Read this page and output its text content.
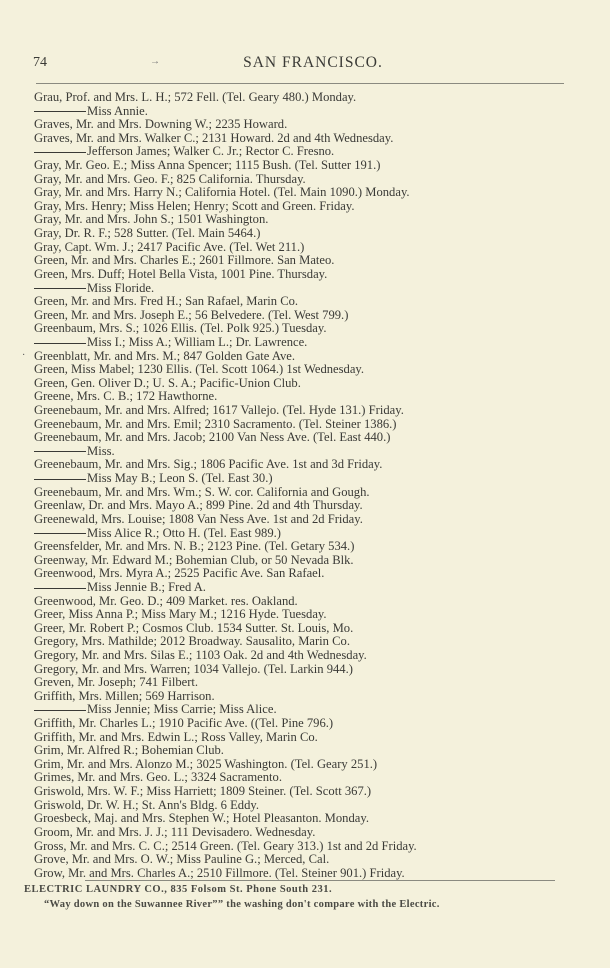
74	→	SAN FRANCISCO.
·
Grau, Prof. and Mrs. L. H.; 572 Fell. (Tel. Geary 480.) Monday.
Miss Annie.
Graves, Mr. and Mrs. Downing W.; 2235 Howard.
Graves, Mr. and Mrs. Walker C.; 2131 Howard. 2d and 4th Wednesday.
Jefferson James; Walker C. Jr.; Rector C. Fresno.
Gray, Mr. Geo. E.; Miss Anna Spencer; 1115 Bush. (Tel. Sutter 191.)
Gray, Mr. and Mrs. Geo. F.; 825 California. Thursday.
Gray, Mr. and Mrs. Harry N.; California Hotel. (Tel. Main 1090.) Monday.
Gray, Mrs. Henry; Miss Helen; Henry; Scott and Green. Friday.
Gray, Mr. and Mrs. John S.; 1501 Washington.
Gray, Dr. R. F.; 528 Sutter. (Tel. Main 5464.)
Gray, Capt. Wm. J.; 2417 Pacific Ave. (Tel. Wet 211.)
Green, Mr. and Mrs. Charles E.; 2601 Fillmore. San Mateo.
Green, Mrs. Duff; Hotel Bella Vista, 1001 Pine. Thursday.
Miss Floride.
Green, Mr. and Mrs. Fred H.; San Rafael, Marin Co.
Green, Mr. and Mrs. Joseph E.; 56 Belvedere. (Tel. West 799.)
Greenbaum, Mrs. S.; 1026 Ellis. (Tel. Polk 925.) Tuesday.
Miss I.; Miss A.; William L.; Dr. Lawrence.
Greenblatt, Mr. and Mrs. M.; 847 Golden Gate Ave.
Green, Miss Mabel; 1230 Ellis. (Tel. Scott 1064.) 1st Wednesday.
Green, Gen. Oliver D.; U. S. A.; Pacific-Union Club.
Greene, Mrs. C. B.; 172 Hawthorne.
Greenebaum, Mr. and Mrs. Alfred; 1617 Vallejo. (Tel. Hyde 131.) Friday.
Greenebaum, Mr. and Mrs. Emil; 2310 Sacramento. (Tel. Steiner 1386.)
Greenebaum, Mr. and Mrs. Jacob; 2100 Van Ness Ave. (Tel. East 440.)
Miss.
Greenebaum, Mr. and Mrs. Sig.; 1806 Pacific Ave. 1st and 3d Friday.
Miss May B.; Leon S. (Tel. East 30.)
Greenebaum, Mr. and Mrs. Wm.; S. W. cor. California and Gough.
Greenlaw, Dr. and Mrs. Mayo A.; 899 Pine. 2d and 4th Thursday.
Greenewald, Mrs. Louise; 1808 Van Ness Ave. 1st and 2d Friday.
Miss Alice R.; Otto H. (Tel. East 989.)
Greensfelder, Mr. and Mrs. N. B.; 2123 Pine. (Tel. Getary 534.)
Greenway, Mr. Edward M.; Bohemian Club, or 50 Nevada Blk.
Greenwood, Mrs. Myra A.; 2525 Pacific Ave. San Rafael.
Miss Jennie B.; Fred A.
Greenwood, Mr. Geo. D.; 409 Market. res. Oakland.
Greer, Miss Anna P.; Miss Mary M.; 1216 Hyde. Tuesday.
Greer, Mr. Robert P.; Cosmos Club. 1534 Sutter. St. Louis, Mo.
Gregory, Mrs. Mathilde; 2012 Broadway. Sausalito, Marin Co.
Gregory, Mr. and Mrs. Silas E.; 1103 Oak. 2d and 4th Wednesday.
Gregory, Mr. and Mrs. Warren; 1034 Vallejo. (Tel. Larkin 944.)
Greven, Mr. Joseph; 741 Filbert.
Griffith, Mrs. Millen; 569 Harrison.
Miss Jennie; Miss Carrie; Miss Alice.
Griffith, Mr. Charles L.; 1910 Pacific Ave. ((Tel. Pine 796.)
Griffith, Mr. and Mrs. Edwin L.; Ross Valley, Marin Co.
Grim, Mr. Alfred R.; Bohemian Club.
Grim, Mr. and Mrs. Alonzo M.; 3025 Washington. (Tel. Geary 251.)
Grimes, Mr. and Mrs. Geo. L.; 3324 Sacramento.
Griswold, Mrs. W. F.; Miss Harriett; 1809 Steiner. (Tel. Scott 367.)
Griswold, Dr. W. H.; St. Ann's Bldg. 6 Eddy.
Groesbeck, Maj. and Mrs. Stephen W.; Hotel Pleasanton. Monday.
Groom, Mr. and Mrs. J. J.; 111 Devisadero. Wednesday.
Gross, Mr. and Mrs. C. C.; 2514 Green. (Tel. Geary 313.) 1st and 2d Friday.
Grove, Mr. and Mrs. O. W.; Miss Pauline G.; Merced, Cal.
Grow, Mr. and Mrs. Charles A.; 2510 Fillmore. (Tel. Steiner 901.) Friday.
ELECTRIC LAUNDRY CO., 835 Folsom St. Phone South 231.
“Way down on the Suwannee River”” the washing don't compare with the Electric.
